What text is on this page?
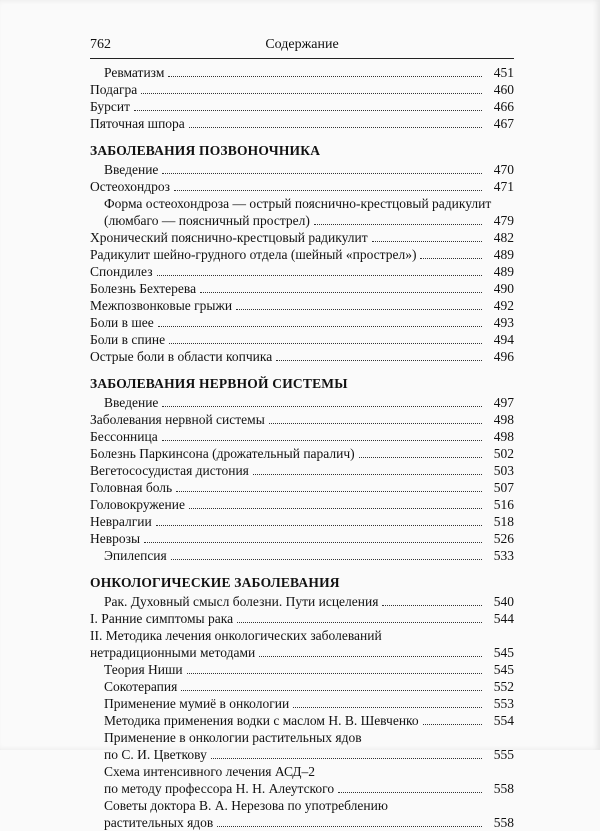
762	Содержание
Ревматизм	451
Подагра	460
Бурсит	466
Пяточная шпора	467
ЗАБОЛЕВАНИЯ ПОЗВОНОЧНИКА
Введение	470
Остеохондроз	471
Форма остеохондроза — острый пояснично-крестцовый радикулит
(люмбаго — поясничный прострел)	479
Хронический пояснично-крестцовый радикулит	482
Радикулит шейно-грудного отдела (шейный «прострел»)	489
Спондилез	489
Болезнь Бехтерева	490
Межпозвонковые грыжи	492
Боли в шее	493
Боли в спине	494
Острые боли в области копчика	496
ЗАБОЛЕВАНИЯ НЕРВНОЙ СИСТЕМЫ
Введение	497
Заболевания нервной системы	498
Бессонница	498
Болезнь Паркинсона (дрожательный паралич)	502
Вегетососудистая дистония	503
Головная боль	507
Головокружение	516
Невралгии	518
Неврозы	526
Эпилепсия	533
ОНКОЛОГИЧЕСКИЕ ЗАБОЛЕВАНИЯ
Рак. Духовный смысл болезни. Пути исцеления	540
I. Ранние симптомы рака	544
II. Методика лечения онкологических заболеваний
нетрадиционными методами	545
Теория Ниши	545
Сокотерапия	552
Применение мумиё в онкологии	553
Методика применения водки с маслом Н. В. Шевченко	554
Применение в онкологии растительных ядов
по С. И. Цветкову	555
Схема интенсивного лечения АСД–2
по методу профессора Н. Н. Алеутского	558
Советы доктора В. А. Нерезова по употреблению
растительных ядов	558
